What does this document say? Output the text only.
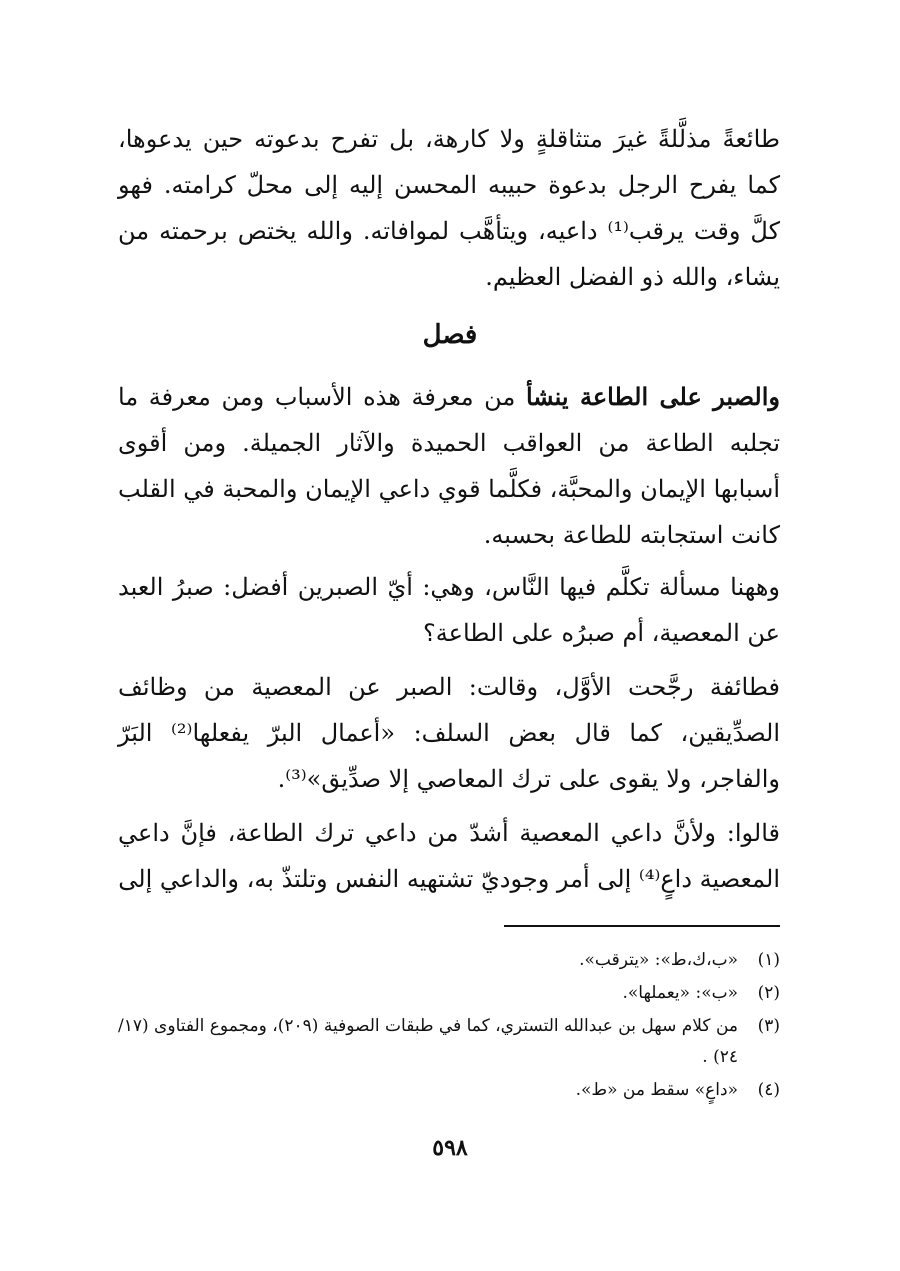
طائعةً مذلَّلةً غيرَ متثاقلةٍ ولا كارهة، بل تفرح بدعوته حين يدعوها، كما يفرح الرجل بدعوة حبيبه المحسن إليه إلى محلّ كرامته. فهو كلَّ وقت يرقب⁽¹⁾ داعيه، ويتأهَّب لموافاته. والله يختص برحمته من يشاء، والله ذو الفضل العظيم.

فصل

والصبر على الطاعة ينشأ من معرفة هذه الأسباب ومن معرفة ما تجلبه الطاعة من العواقب الحميدة والآثار الجميلة. ومن أقوى أسبابها الإيمان والمحبَّة، فكلَّما قوي داعي الإيمان والمحبة في القلب كانت استجابته للطاعة بحسبه.

وههنا مسألة تكلَّم فيها النَّاس، وهي: أيّ الصبرين أفضل: صبرُ العبد عن المعصية، أم صبرُه على الطاعة؟

فطائفة رجَّحت الأوَّل، وقالت: الصبر عن المعصية من وظائف الصدِّيقين، كما قال بعض السلف: «أعمال البرّ يفعلها⁽²⁾ البَرّ والفاجر، ولا يقوى على ترك المعاصي إلا صدِّيق»⁽³⁾.

قالوا: ولأنَّ داعي المعصية أشدّ من داعي ترك الطاعة، فإنَّ داعي المعصية داعٍ⁽⁴⁾ إلى أمر وجوديّ تشتهيه النفس وتلتذّ به، والداعي إلى

(١)
«ب،ك،ط»: «يترقب».
(٢)
«ب»: «يعملها».
(٣)
من كلام سهل بن عبدالله التستري، كما في طبقات الصوفية (٢٠٩)، ومجموع الفتاوى (١٧/ ٢٤) .
(٤)
«داعٍ» سقط من «ط».
٥٩٨
